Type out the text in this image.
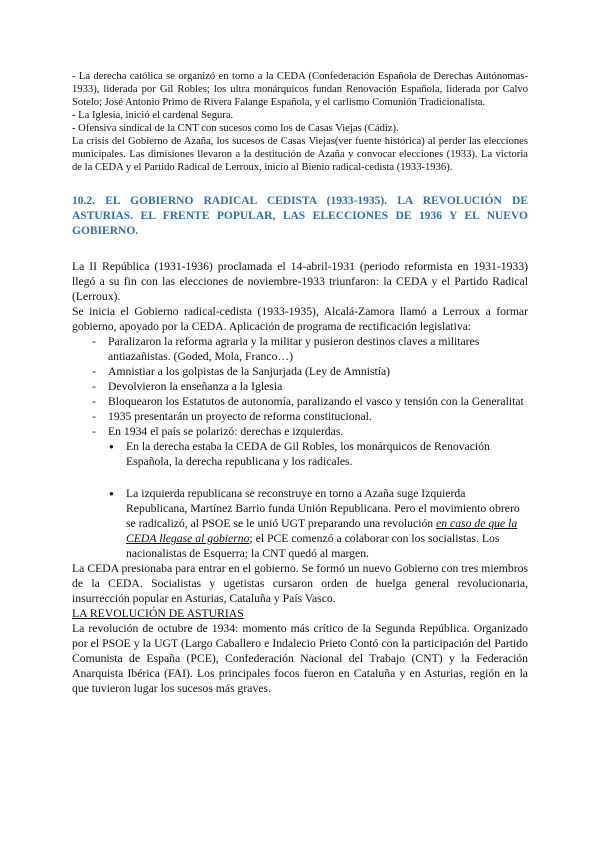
- La derecha católica se organizó en torno a la CEDA (Confederación Española de Derechas Autónomas-1933), liderada por Gil Robles; los ultra monárquicos fundan Renovación Española, liderada por Calvo Sotelo; José Antonio Primo de Rivera Falange Española, y el carlismo Comunión Tradicionalista.

- La Iglesia, inició el cardenal Segura.

- Ofensiva sindical de la CNT con sucesos como los de Casas Viejas (Cádiz).

La crisis del Gobierno de Azaña, los sucesos de Casas Viejas(ver fuente histórica) al perder las elecciones municipales. Las dimisiones llevaron a la destitución de Azaña y convocar elecciones (1933). La victoria de la CEDA y el Partido Radical de Lerroux, inicio al Bienio radical-cedista (1933-1936).

10.2. EL GOBIERNO RADICAL CEDISTA (1933-1935). LA REVOLUCIÓN DE ASTURIAS. EL FRENTE POPULAR, LAS ELECCIONES DE 1936 Y EL NUEVO GOBIERNO.

La II República (1931-1936) proclamada el 14-abril-1931 (periodo reformista en 1931-1933) llegó a su fin con las elecciones de noviembre-1933 triunfaron: la CEDA y el Partido Radical (Lerroux).

Se inicia el Gobierno radical-cedista (1933-1935), Alcalá-Zamora llamó a Lerroux a formar gobierno, apoyado por la CEDA. Aplicación de programa de rectificación legislativa:

- Paralizaron la reforma agraria y la militar y pusieron destinos claves a militares antiazañistas. (Goded, Mola, Franco…)
- Amnistiar a los golpistas de la Sanjurjada (Ley de Amnistía)
- Devolvieron la enseñanza a la Iglesia
- Bloquearon los Estatutos de autonomía, paralizando el vasco y tensión con la Generalitat
- 1935 presentarán un proyecto de reforma constitucional.
- En 1934 el país se polarizó: derechas e izquierdas.
● En la derecha estaba la CEDA de Gil Robles, los monárquicos de Renovación Española, la derecha republicana y los radicales.
● La izquierda republicana se reconstruye en torno a Azaña suge Izquierda Republicana, Martínez Barrio funda Unión Republicana. Pero el movimiento obrero se radicalizó, al PSOE se le unió UGT preparando una revolución en caso de que la CEDA llegase al gobierno; el PCE comenzó a colaborar con los socialistas. Los nacionalistas de Esquerra; la CNT quedó al margen.

La CEDA presionaba para entrar en el gobierno. Se formó un nuevo Gobierno con tres miembros de la CEDA. Socialistas y ugetistas cursaron orden de huelga general revolucionaria, insurrección popular en Asturias, Cataluña y País Vasco.

LA REVOLUCIÓN DE ASTURIAS

La revolución de octubre de 1934: momento más crítico de la Segunda República. Organizado por el PSOE y la UGT (Largo Caballero e Indalecio Prieto Contó con la participación del Partido Comunista de España (PCE), Confederación Nacional del Trabajo (CNT) y la Federación Anarquista Ibérica (FAI). Los principales focos fueron en Cataluña y en Asturias, región en la que tuvieron lugar los sucesos más graves.
